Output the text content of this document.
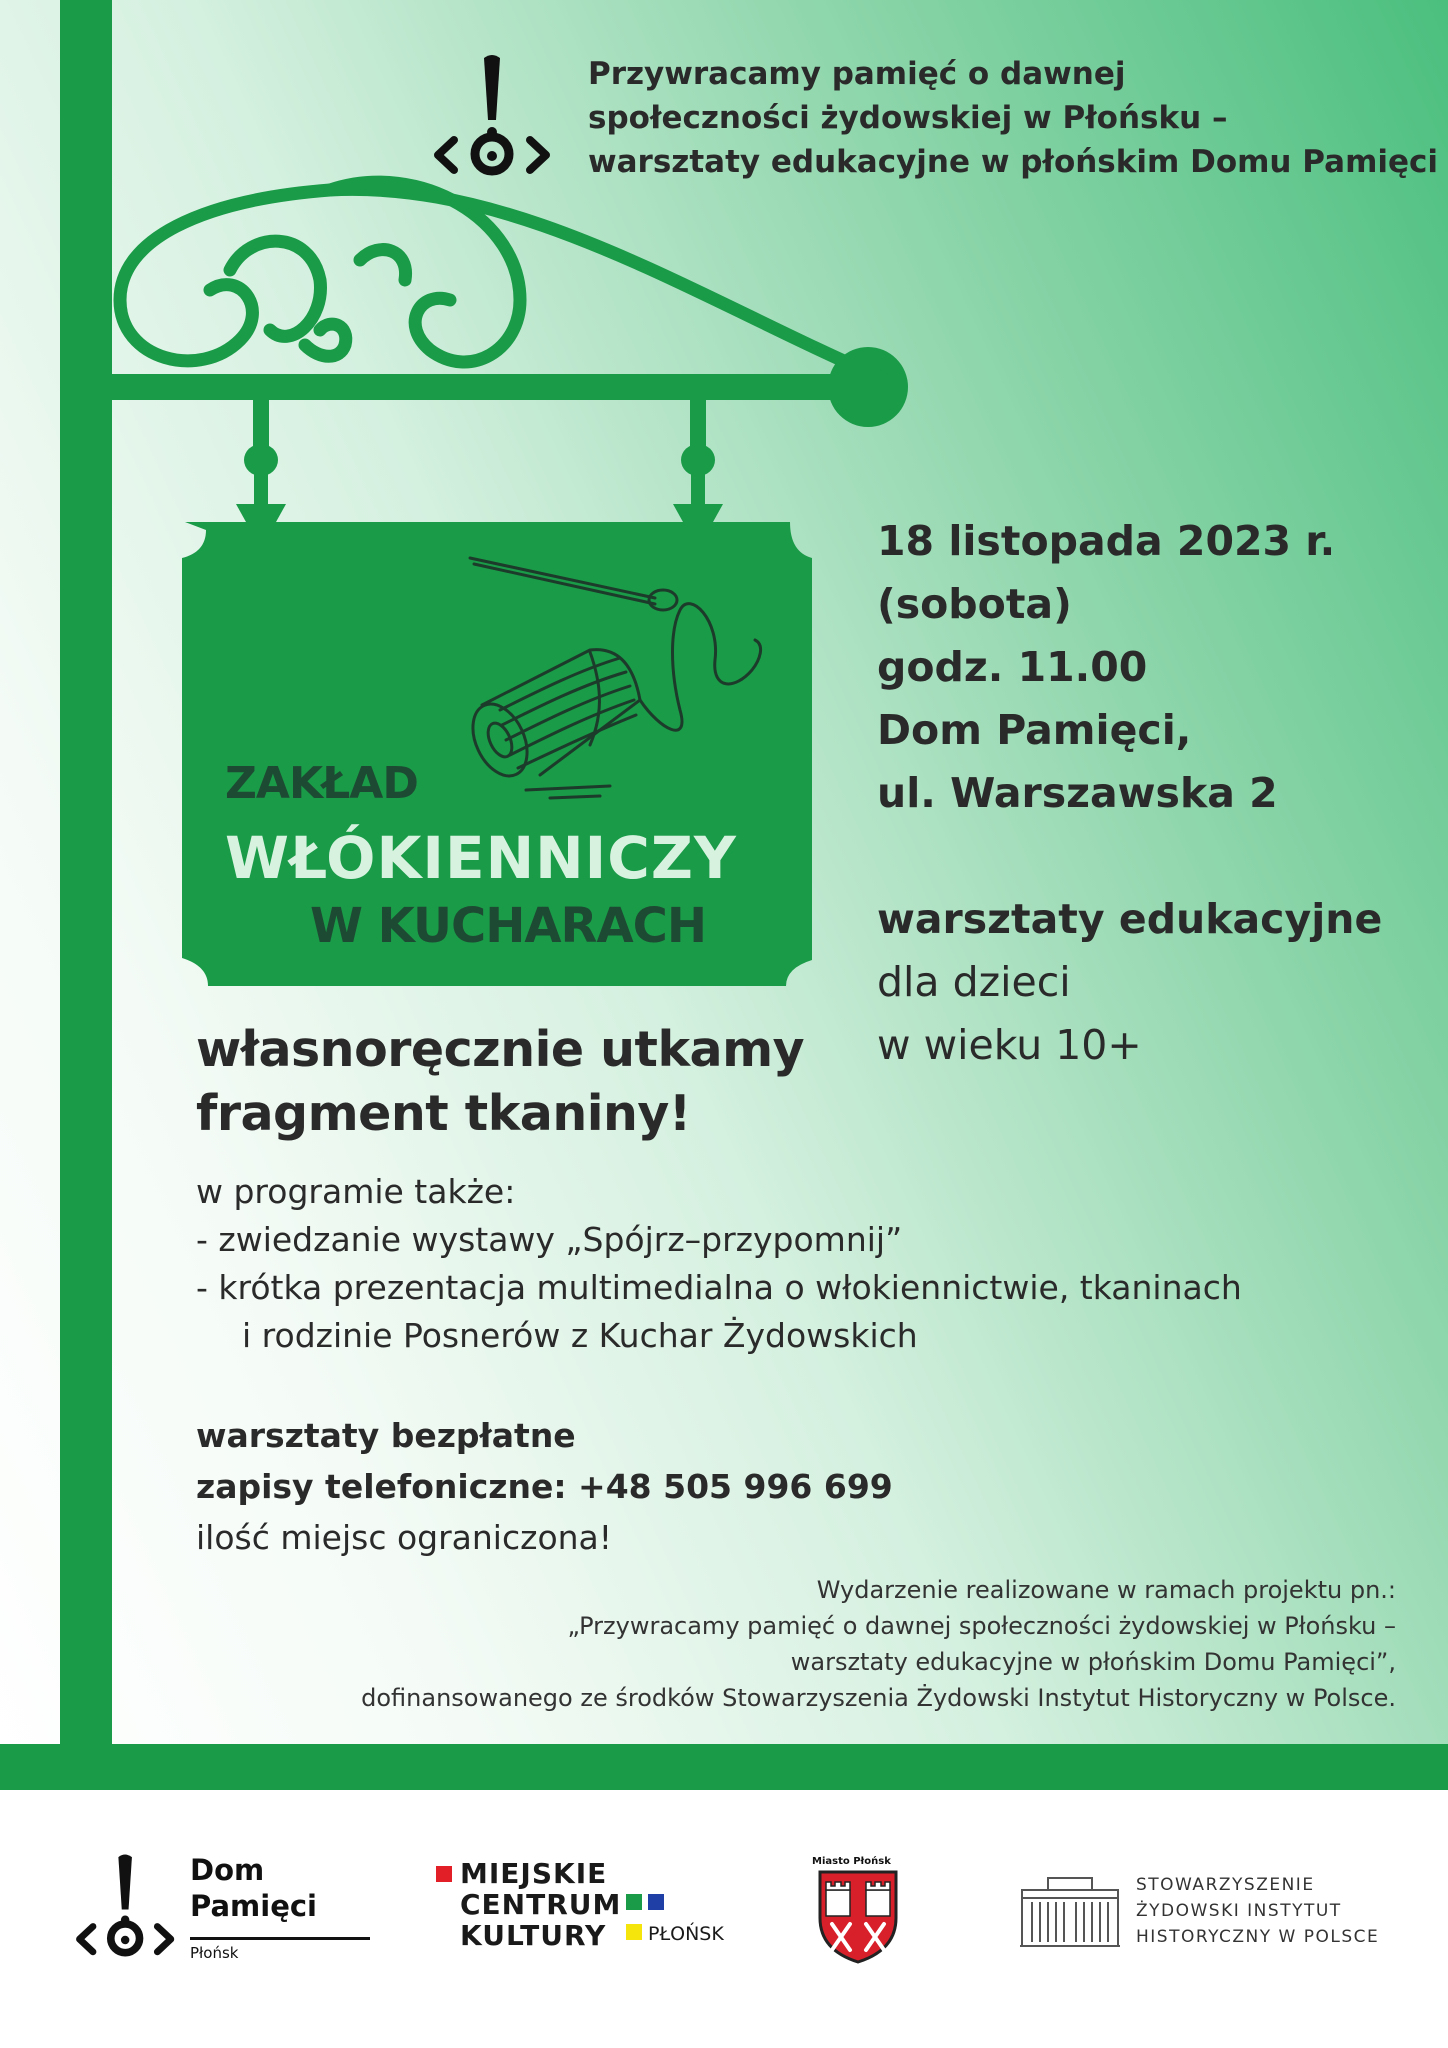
Przywracamy pamięć o dawnej
społeczności żydowskiej w Płońsku –
warsztaty edukacyjne w płońskim Domu Pamięci
ZAKŁAD
WŁÓKIENNICZY
W KUCHARACH
18 listopada 2023 r.
(sobota)
godz. 11.00
Dom Pamięci,
ul. Warszawska 2
warsztaty edukacyjne
dla dzieci
w wieku 10+
własnoręcznie utkamy
fragment tkaniny!
w programie także:
- zwiedzanie wystawy „Spójrz–przypomnij”
- krótka prezentacja multimedialna o włokiennictwie, tkaninach
i rodzinie Posnerów z Kuchar Żydowskich
warsztaty bezpłatne
zapisy telefoniczne: +48 505 996 699
ilość miejsc ograniczona!
Wydarzenie realizowane w ramach projektu pn.:
„Przywracamy pamięć o dawnej społeczności żydowskiej w Płońsku –
warsztaty edukacyjne w płońskim Domu Pamięci”,
dofinansowanego ze środków Stowarzyszenia Żydowski Instytut Historyczny w Polsce.
Dom
Pamięci
Płońsk
MIEJSKIE
CENTRUM
KULTURY	PŁOŃSK
Miasto Płońsk
STOWARZYSZENIE
ŻYDOWSKI INSTYTUT
HISTORYCZNY W POLSCE
